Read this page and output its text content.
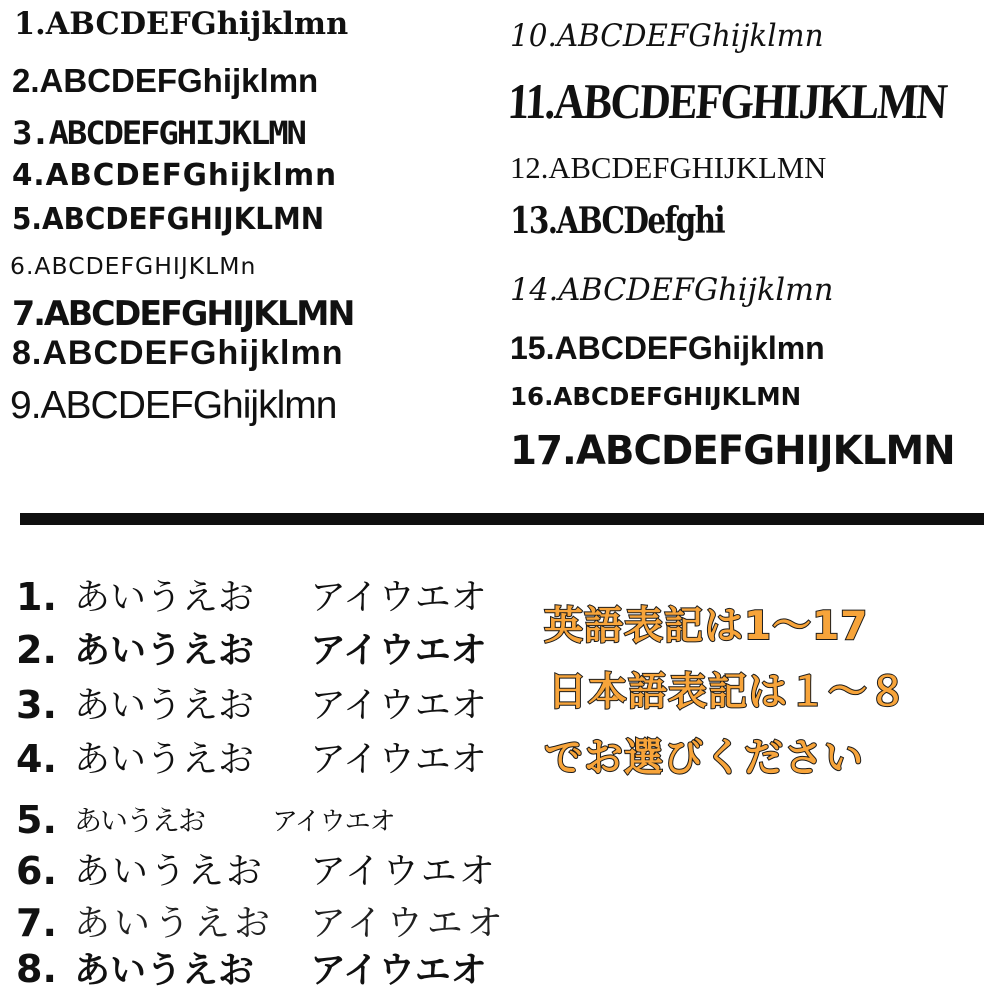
1.ABCDEFGhijklmn
2.ABCDEFGhijklmn
3.ABCDEFGHIJKLMN
4.ABCDEFGhijklmn
5.ABCDEFGHIJKLMN
6.ABCDEFGHIJKLMn
7.ABCDEFGHIJKLMN
8.ABCDEFGhijklmn
9.ABCDEFGhijklmn
10.ABCDEFGhijklmn
11.ABCDEFGHIJKLMN
12.ABCDEFGHIJKLMN
13.ABCDefghi
14.ABCDEFGhijklmn
15.ABCDEFGhijklmn
16.ABCDEFGHIJKLMN
17.ABCDEFGHIJKLMN
1. あいうえお アイウエオ
2. あいうえお アイウエオ
3. あいうえお アイウエオ
4. あいうえお アイウエオ
5. あいうえお	アイウエオ
6. あいうえお アイウエオ
7. あいうえお アイウエオ
8. あいうえお アイウエオ
英語表記は1～17
日本語表記は１～８
でお選びください
